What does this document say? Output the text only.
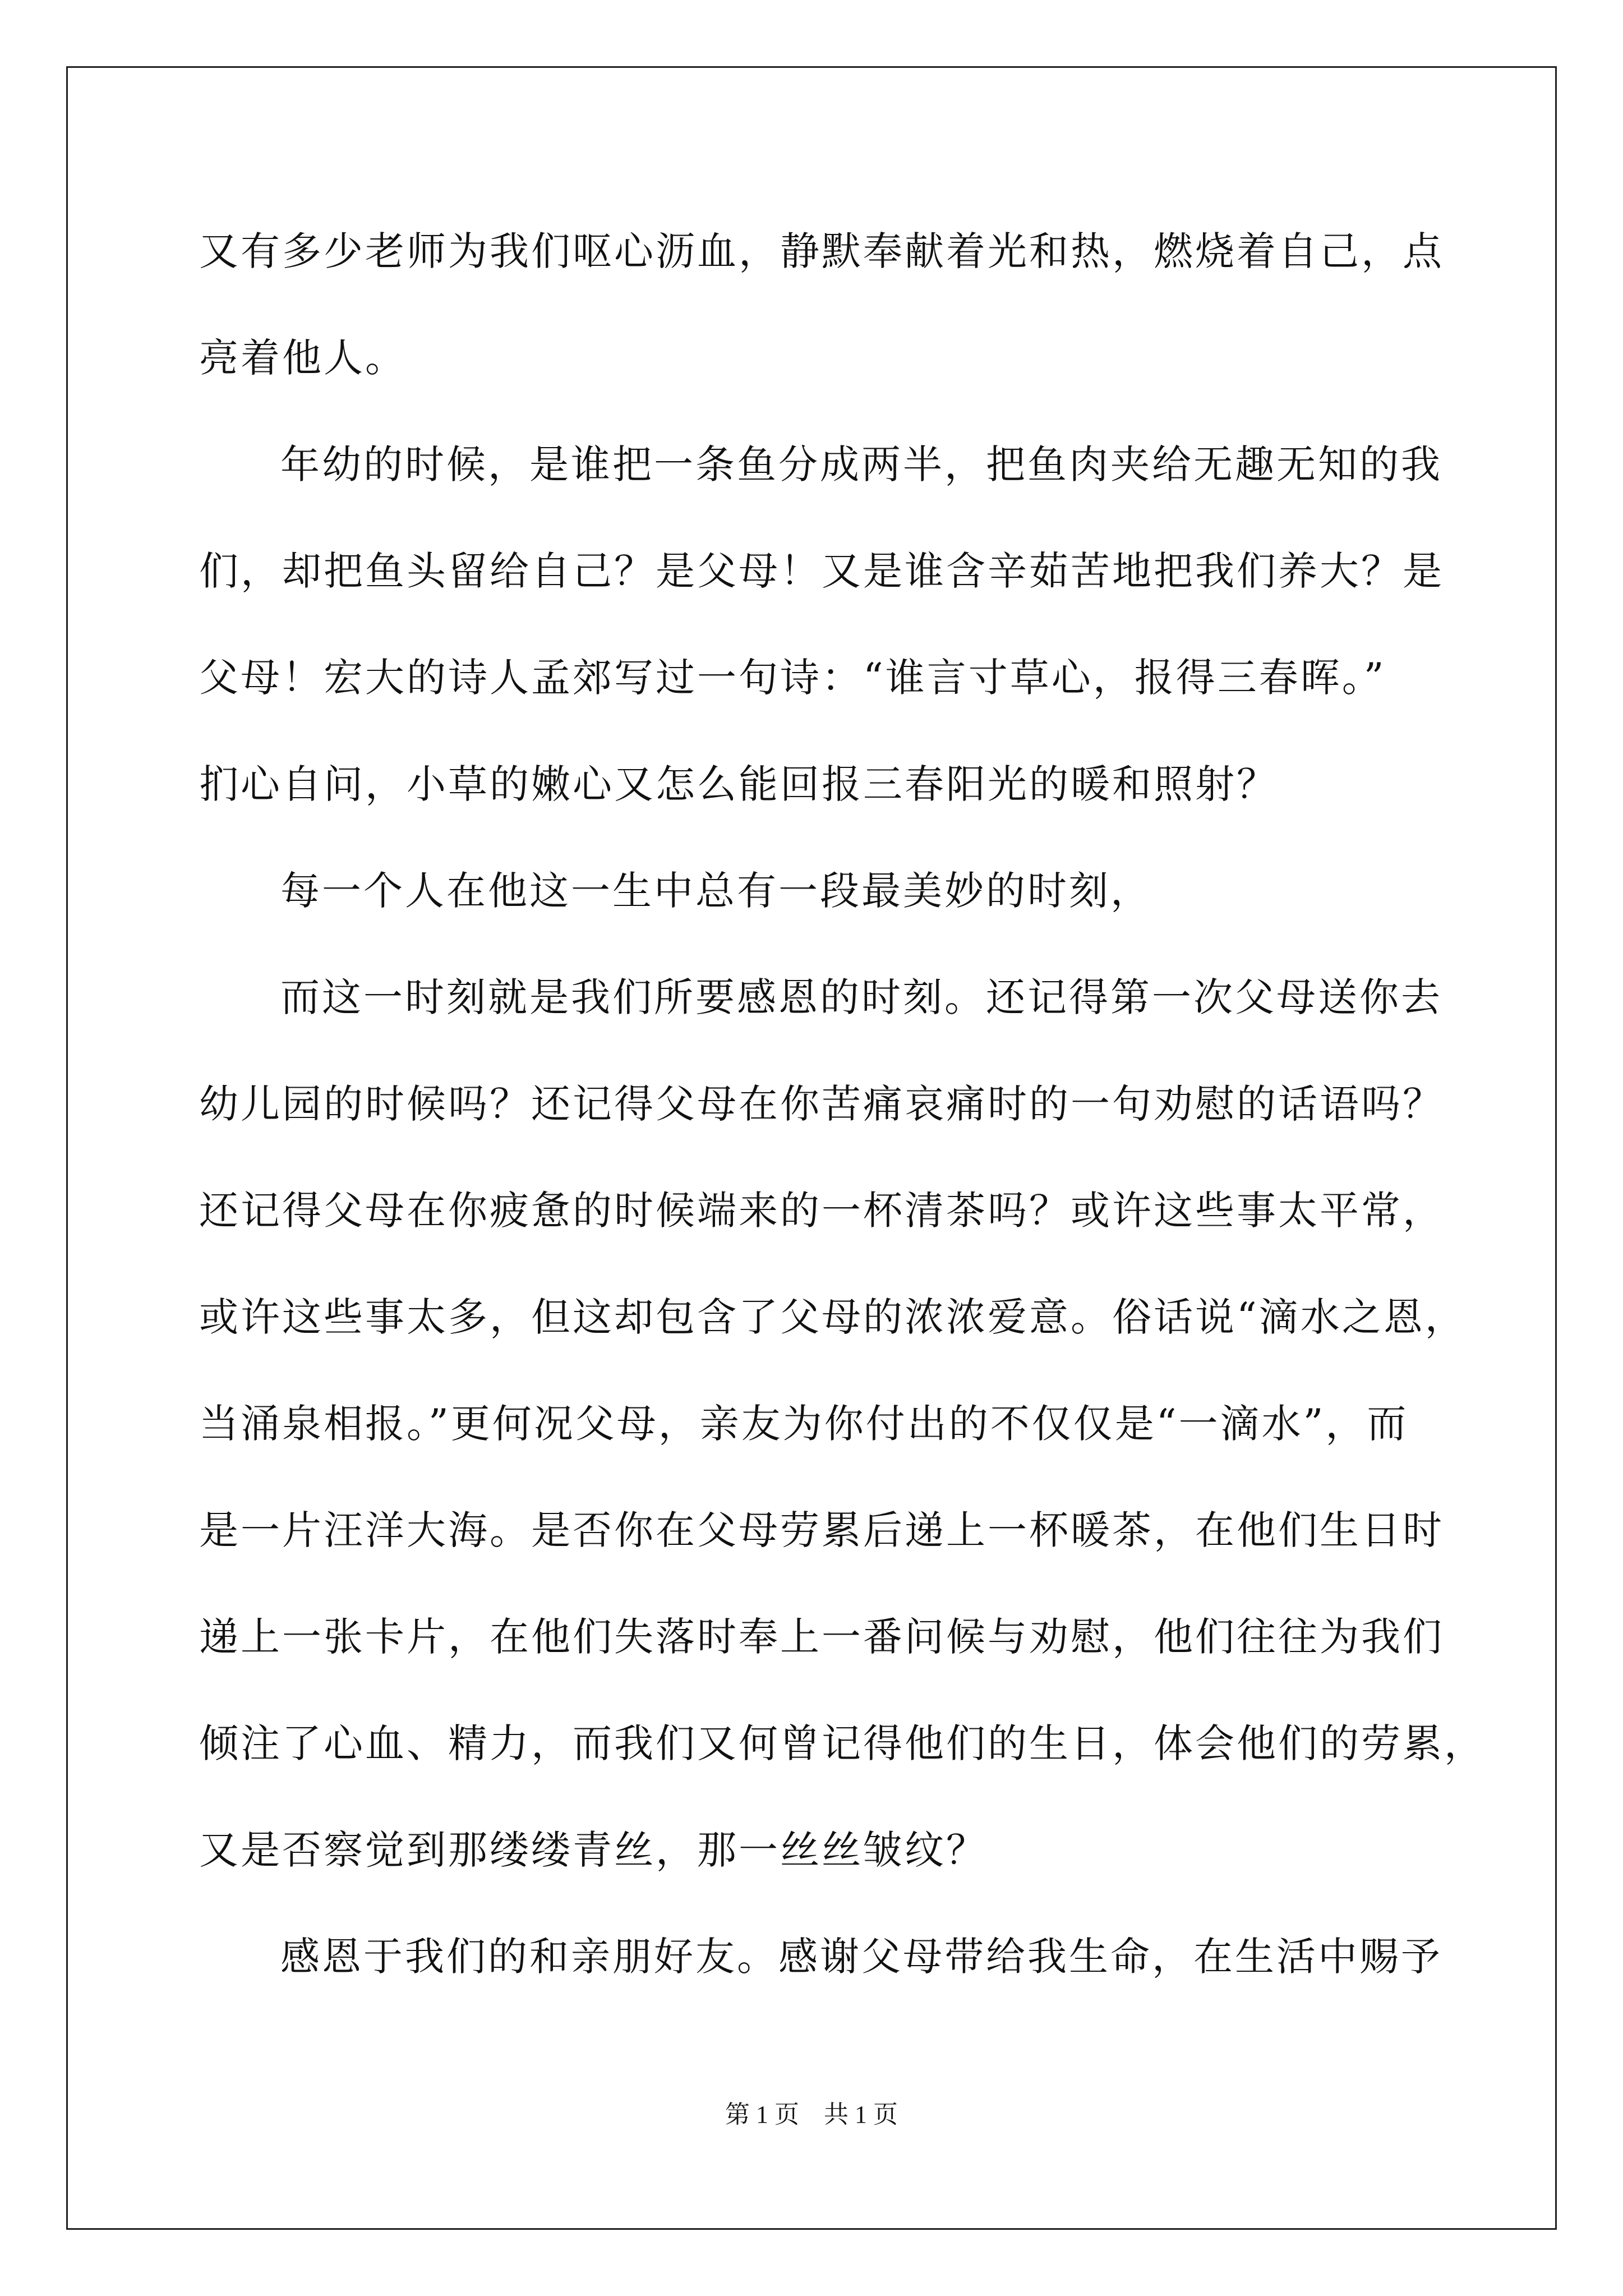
又有多少老师为我们呕心沥血，静默奉献着光和热，燃烧着自己，点
亮着他人。
年幼的时候，是谁把一条鱼分成两半，把鱼肉夹给无趣无知的我
们，却把鱼头留给自己？是父母！又是谁含辛茹苦地把我们养大？是
父母！宏大的诗人孟郊写过一句诗：“谁言寸草心，报得三春晖。”
扪心自问，小草的嫩心又怎么能回报三春阳光的暖和照射？
每一个人在他这一生中总有一段最美妙的时刻，
而这一时刻就是我们所要感恩的时刻。还记得第一次父母送你去
幼儿园的时候吗？还记得父母在你苦痛哀痛时的一句劝慰的话语吗？
还记得父母在你疲惫的时候端来的一杯清茶吗？或许这些事太平常，
或许这些事太多，但这却包含了父母的浓浓爱意。俗话说“滴水之恩，
当涌泉相报。”更何况父母，亲友为你付出的不仅仅是“一滴水”，而
是一片汪洋大海。是否你在父母劳累后递上一杯暖茶，在他们生日时
递上一张卡片，在他们失落时奉上一番问候与劝慰，他们往往为我们
倾注了心血、精力，而我们又何曾记得他们的生日，体会他们的劳累，
又是否察觉到那缕缕青丝，那一丝丝皱纹？
感恩于我们的和亲朋好友。感谢父母带给我生命，在生活中赐予
第 1 页　共 1 页
